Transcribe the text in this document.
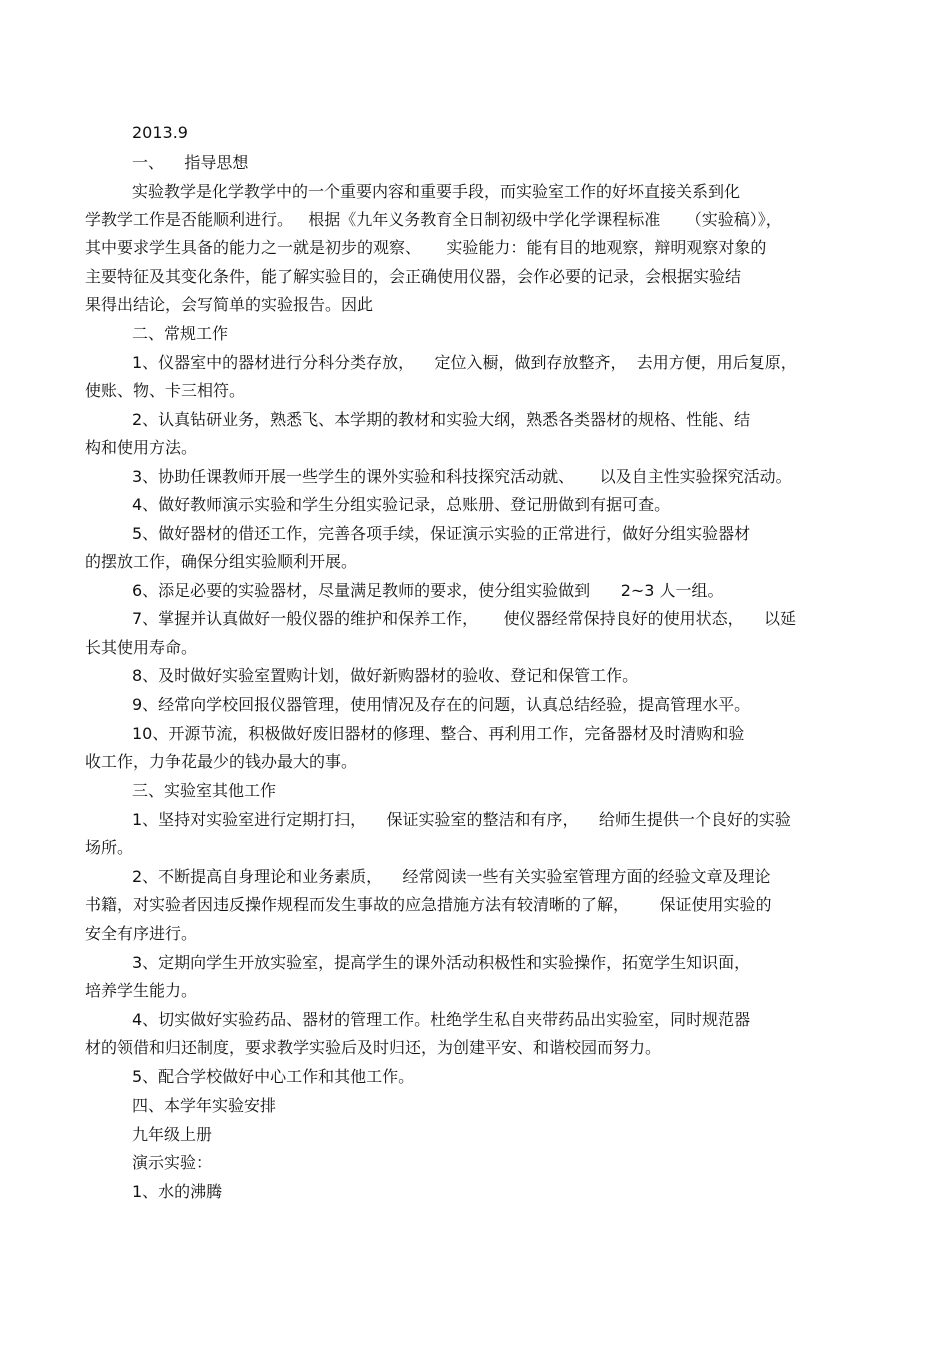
2013.9

一、    指导思想

实验教学是化学教学中的一个重要内容和重要手段，而实验室工作的好坏直接关系到化

学教学工作是否能顺利进行。   根据《九年义务教育全日制初级中学化学课程标准     （实验稿）》，

其中要求学生具备的能力之一就是初步的观察、     实验能力：能有目的地观察，辩明观察对象的

主要特征及其变化条件，能了解实验目的，会正确使用仪器，会作必要的记录，会根据实验结

果得出结论，会写简单的实验报告。因此

二、常规工作

1、仪器室中的器材进行分科分类存放，    定位入橱，做到存放整齐，  去用方便，用后复原，

使账、物、卡三相符。

2、认真钻研业务，熟悉飞、本学期的教材和实验大纲，熟悉各类器材的规格、性能、结

构和使用方法。

3、协助任课教师开展一些学生的课外实验和科技探究活动就、     以及自主性实验探究活动。

4、做好教师演示实验和学生分组实验记录，总账册、登记册做到有据可查。

5、做好器材的借还工作，完善各项手续，保证演示实验的正常进行，做好分组实验器材

的摆放工作，确保分组实验顺利开展。

6、添足必要的实验器材，尽量满足教师的要求，使分组实验做到      2~3 人一组。

7、掌握并认真做好一般仪器的维护和保养工作，     使仪器经常保持良好的使用状态，    以延

长其使用寿命。

8、及时做好实验室置购计划，做好新购器材的验收、登记和保管工作。

9、经常向学校回报仪器管理，使用情况及存在的问题，认真总结经验，提高管理水平。

10、开源节流，积极做好废旧器材的修理、整合、再利用工作，完备器材及时清购和验

收工作，力争花最少的钱办最大的事。

三、实验室其他工作

1、坚持对实验室进行定期打扫，    保证实验室的整洁和有序，    给师生提供一个良好的实验

场所。

2、不断提高自身理论和业务素质，    经常阅读一些有关实验室管理方面的经验文章及理论

书籍，对实验者因违反操作规程而发生事故的应急措施方法有较清晰的了解，      保证使用实验的

安全有序进行。

3、定期向学生开放实验室，提高学生的课外活动积极性和实验操作，拓宽学生知识面，

培养学生能力。

4、切实做好实验药品、器材的管理工作。杜绝学生私自夹带药品出实验室，同时规范器

材的领借和归还制度，要求教学实验后及时归还，为创建平安、和谐校园而努力。

5、配合学校做好中心工作和其他工作。

四、本学年实验安排

九年级上册

演示实验：

1、水的沸腾
